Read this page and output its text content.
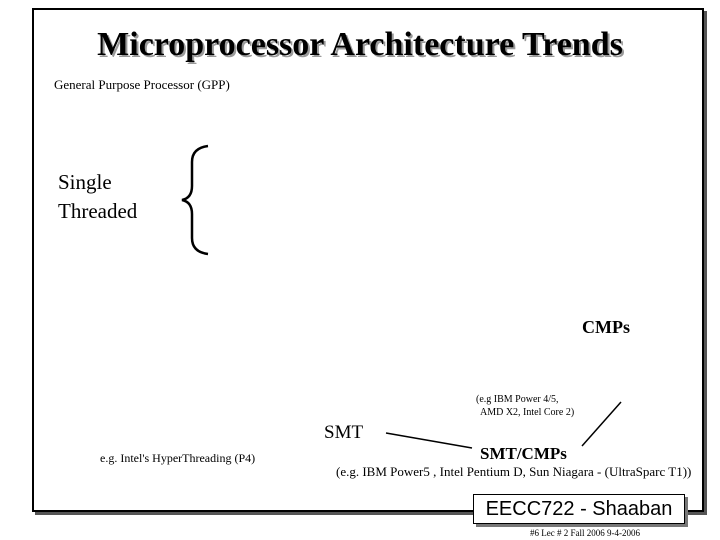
Microprocessor Architecture Trends
General Purpose Processor (GPP)
Single
Threaded
CMPs
(e.g IBM Power 4/5,
AMD X2, Intel Core 2)
SMT
e.g. Intel's HyperThreading (P4)	SMT/CMPs
(e.g. IBM Power5 , Intel Pentium D, Sun Niagara - (UltraSparc T1))
EECC722 - Shaaban
#6 Lec # 2 Fall 2006 9-4-2006
